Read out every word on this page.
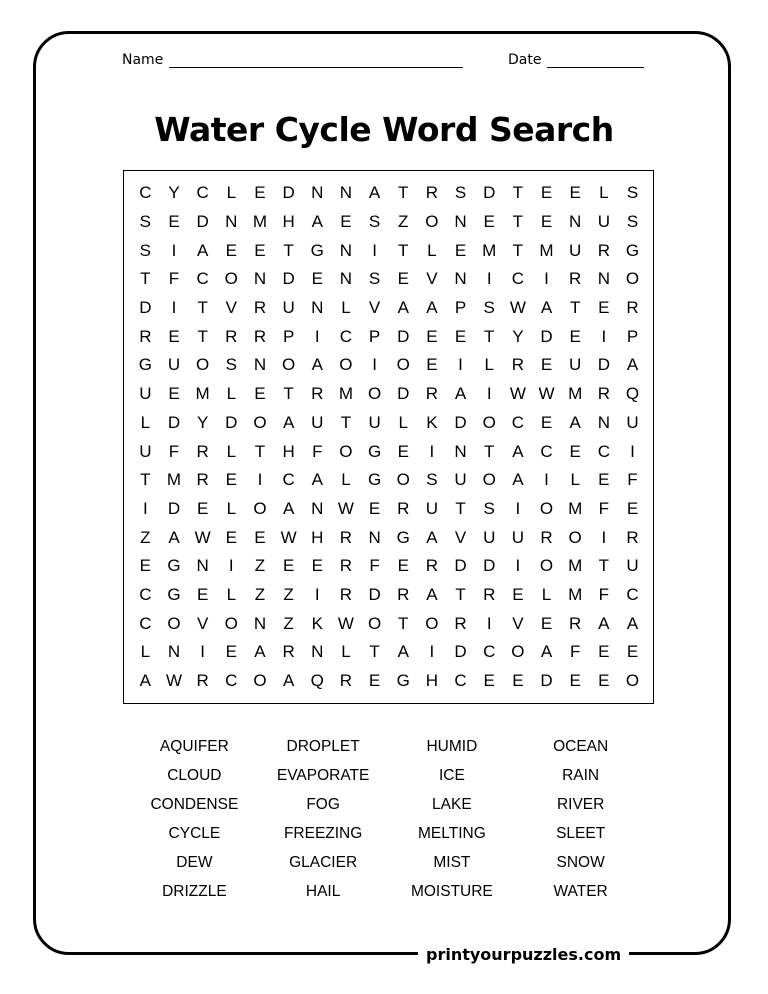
Name	Date
Water Cycle Word Search
C Y C	L	E D N N A	T	R S D	T	E	E	L	S
S	E D N M H A	E	S	Z O N E	T	E N U S
S	I	A	E	E	T G N	I	T	L	E M T M U R G
T	F	C O N D E N S	E	V N	I	C	I	R N O
D	I	T	V R U N	L	V	A	A	P	S W A	T	E R
R E	T	R R P	I	C P D E	E	T	Y D E	I	P
G U O S N O A O	I	O E	I	L	R E U D A
U E M L	E	T	R M O D R A	I	W W M R Q
L	D Y D O A U	T	U	L	K D O C E	A N U
U	F	R	L	T	H	F O G E	I	N	T	A C E C	I
T M R E	I	C A	L	G O S U O A	I	L	E	F
I	D E	L	O A N W E R U	T	S	I	O M F	E
Z	A W E	E W H R N G A	V U U R O	I	R
E G N	I	Z	E	E R	F	E R D D	I	O M T	U
C G E	L	Z	Z	I	R D R A	T	R E	L M F	C
C O V O N	Z	K W O T O R	I	V	E R A	A
L	N	I	E	A R N	L	T	A	I	D C O A	F	E	E
A W R C O A Q R E G H C E	E D E	E O
AQUIFER	DROPLET	HUMID	OCEAN
CLOUD	EVAPORATE	ICE	RAIN
CONDENSE	FOG	LAKE	RIVER
CYCLE	FREEZING	MELTING	SLEET
DEW	GLACIER	MIST	SNOW
DRIZZLE	HAIL	MOISTURE	WATER
printyourpuzzles.com
